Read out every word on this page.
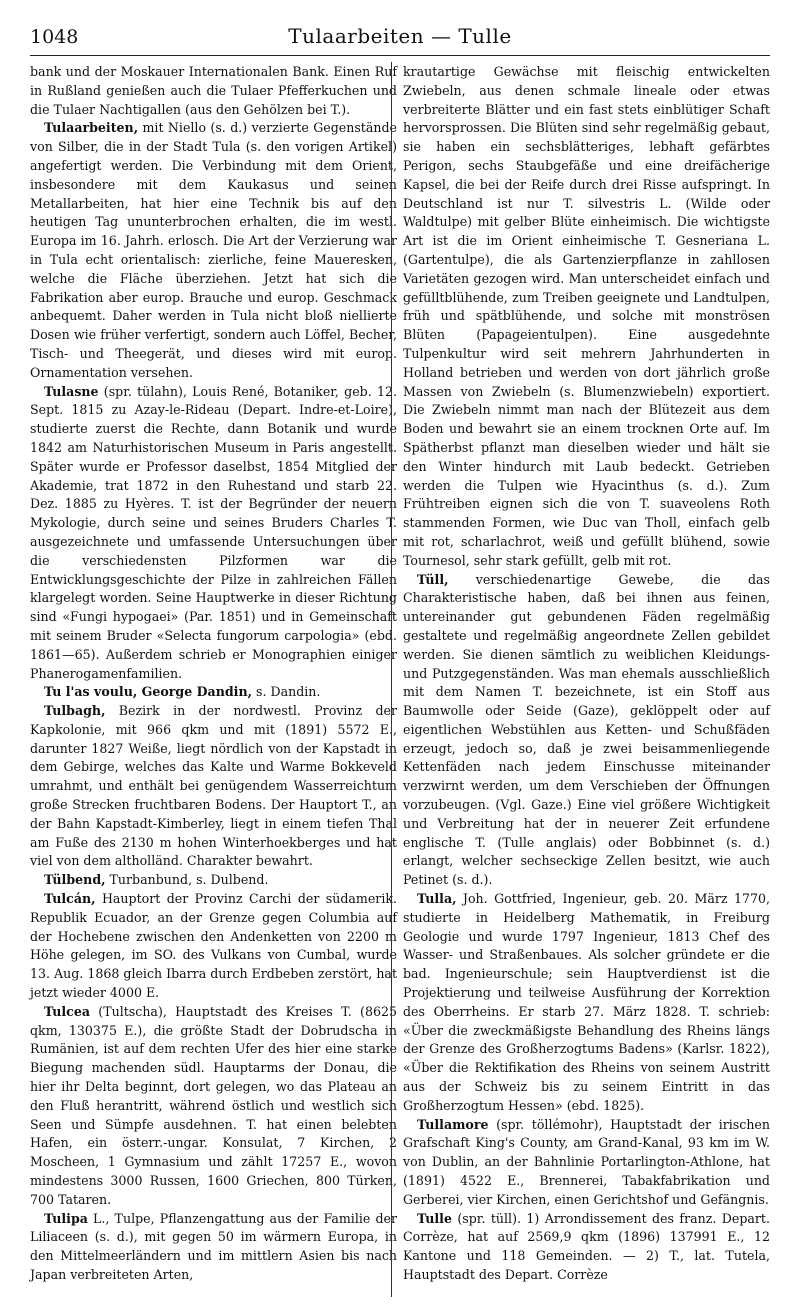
1048	Tulaarbeiten — Tulle

bank und der Moskauer Internationalen Bank. Einen Ruf in Rußland genießen auch die Tulaer Pfefferkuchen und die Tulaer Nachtigallen (aus den Gehölzen bei T.).

Tulaarbeiten, mit Niello (s. d.) verzierte Gegenstände von Silber, die in der Stadt Tula (s. den vorigen Artikel) angefertigt werden. Die Verbindung mit dem Orient, insbesondere mit dem Kaukasus und seinen Metallarbeiten, hat hier eine Technik bis auf den heutigen Tag ununterbrochen erhalten, die im westl. Europa im 16. Jahrh. erlosch. Die Art der Verzierung war in Tula echt orientalisch: zierliche, feine Maueresken, welche die Fläche überziehen. Jetzt hat sich die Fabrikation aber europ. Brauche und europ. Geschmack anbequemt. Daher werden in Tula nicht bloß niellierte Dosen wie früher verfertigt, sondern auch Löffel, Becher, Tisch- und Theegerät, und dieses wird mit europ. Ornamentation versehen.

Tulasne (spr. tülahn), Louis René, Botaniker, geb. 12. Sept. 1815 zu Azay-le-Rideau (Depart. Indre-et-Loire), studierte zuerst die Rechte, dann Botanik und wurde 1842 am Naturhistorischen Museum in Paris angestellt. Später wurde er Professor daselbst, 1854 Mitglied der Akademie, trat 1872 in den Ruhestand und starb 22. Dez. 1885 zu Hyères. T. ist der Begründer der neuern Mykologie, durch seine und seines Bruders Charles T. ausgezeichnete und umfassende Untersuchungen über die verschiedensten Pilzformen war die Entwicklungsgeschichte der Pilze in zahlreichen Fällen klargelegt worden. Seine Hauptwerke in dieser Richtung sind «Fungi hypogaei» (Par. 1851) und in Gemeinschaft mit seinem Bruder «Selecta fungorum carpologia» (ebd. 1861—65). Außerdem schrieb er Monographien einiger Phanerogamenfamilien.

Tu l'as voulu, George Dandin, s. Dandin.

Tulbagh, Bezirk in der nordwestl. Provinz der Kapkolonie, mit 966 qkm und mit (1891) 5572 E., darunter 1827 Weiße, liegt nördlich von der Kapstadt in dem Gebirge, welches das Kalte und Warme Bokkeveld umrahmt, und enthält bei genügendem Wasserreichtum große Strecken fruchtbaren Bodens. Der Hauptort T., an der Bahn Kapstadt-Kimberley, liegt in einem tiefen Thal am Fuße des 2130 m hohen Winterhoekberges und hat viel von dem altholländ. Charakter bewahrt.

Tülbend, Turbanbund, s. Dulbend.

Tulcán, Hauptort der Provinz Carchi der südamerik. Republik Ecuador, an der Grenze gegen Columbia auf der Hochebene zwischen den Andenketten von 2200 m Höhe gelegen, im SO. des Vulkans von Cumbal, wurde 13. Aug. 1868 gleich Ibarra durch Erdbeben zerstört, hat jetzt wieder 4000 E.

Tulcea (Tultscha), Hauptstadt des Kreises T. (8625 qkm, 130375 E.), die größte Stadt der Dobrudscha in Rumänien, ist auf dem rechten Ufer des hier eine starke Biegung machenden südl. Hauptarms der Donau, die hier ihr Delta beginnt, dort gelegen, wo das Plateau an den Fluß herantritt, während östlich und westlich sich Seen und Sümpfe ausdehnen. T. hat einen belebten Hafen, ein österr.-ungar. Konsulat, 7 Kirchen, 2 Moscheen, 1 Gymnasium und zählt 17257 E., wovon mindestens 3000 Russen, 1600 Griechen, 800 Türken, 700 Tataren.

Tulipa L., Tulpe, Pflanzengattung aus der Familie der Liliaceen (s. d.), mit gegen 50 im wärmern Europa, in den Mittelmeerländern und im mittlern Asien bis nach Japan verbreiteten Arten,

krautartige Gewächse mit fleischig entwickelten Zwiebeln, aus denen schmale lineale oder etwas verbreiterte Blätter und ein fast stets einblütiger Schaft hervorsprossen. Die Blüten sind sehr regelmäßig gebaut, sie haben ein sechsblätteriges, lebhaft gefärbtes Perigon, sechs Staubgefäße und eine dreifächerige Kapsel, die bei der Reife durch drei Risse aufspringt. In Deutschland ist nur T. silvestris L. (Wilde oder Waldtulpe) mit gelber Blüte einheimisch. Die wichtigste Art ist die im Orient einheimische T. Gesneriana L. (Gartentulpe), die als Gartenzierpflanze in zahllosen Varietäten gezogen wird. Man unterscheidet einfach und gefülltblühende, zum Treiben geeignete und Landtulpen, früh und spätblühende, und solche mit monströsen Blüten (Papageientulpen). Eine ausgedehnte Tulpenkultur wird seit mehrern Jahrhunderten in Holland betrieben und werden von dort jährlich große Massen von Zwiebeln (s. Blumenzwiebeln) exportiert. Die Zwiebeln nimmt man nach der Blütezeit aus dem Boden und bewahrt sie an einem trocknen Orte auf. Im Spätherbst pflanzt man dieselben wieder und hält sie den Winter hindurch mit Laub bedeckt. Getrieben werden die Tulpen wie Hyacinthus (s. d.). Zum Frühtreiben eignen sich die von T. suaveolens Roth stammenden Formen, wie Duc van Tholl, einfach gelb mit rot, scharlachrot, weiß und gefüllt blühend, sowie Tournesol, sehr stark gefüllt, gelb mit rot.

Tüll, verschiedenartige Gewebe, die das Charakteristische haben, daß bei ihnen aus feinen, untereinander gut gebundenen Fäden regelmäßig gestaltete und regelmäßig angeordnete Zellen gebildet werden. Sie dienen sämtlich zu weiblichen Kleidungs- und Putzgegenständen. Was man ehemals ausschließlich mit dem Namen T. bezeichnete, ist ein Stoff aus Baumwolle oder Seide (Gaze), geklöppelt oder auf eigentlichen Webstühlen aus Ketten- und Schußfäden erzeugt, jedoch so, daß je zwei beisammenliegende Kettenfäden nach jedem Einschusse miteinander verzwirnt werden, um dem Verschieben der Öffnungen vorzubeugen. (Vgl. Gaze.) Eine viel größere Wichtigkeit und Verbreitung hat der in neuerer Zeit erfundene englische T. (Tulle anglais) oder Bobbinnet (s. d.) erlangt, welcher sechseckige Zellen besitzt, wie auch Petinet (s. d.).

Tulla, Joh. Gottfried, Ingenieur, geb. 20. März 1770, studierte in Heidelberg Mathematik, in Freiburg Geologie und wurde 1797 Ingenieur, 1813 Chef des Wasser- und Straßenbaues. Als solcher gründete er die bad. Ingenieurschule; sein Hauptverdienst ist die Projektierung und teilweise Ausführung der Korrektion des Oberrheins. Er starb 27. März 1828. T. schrieb: «Über die zweckmäßigste Behandlung des Rheins längs der Grenze des Großherzogtums Badens» (Karlsr. 1822), «Über die Rektifikation des Rheins von seinem Austritt aus der Schweiz bis zu seinem Eintritt in das Großherzogtum Hessen» (ebd. 1825).

Tullamore (spr. töllémohr), Hauptstadt der irischen Grafschaft King's County, am Grand-Kanal, 93 km im W. von Dublin, an der Bahnlinie Portarlington-Athlone, hat (1891) 4522 E., Brennerei, Tabakfabrikation und Gerberei, vier Kirchen, einen Gerichtshof und Gefängnis.

Tulle (spr. tüll). 1) Arrondissement des franz. Depart. Corrèze, hat auf 2569,9 qkm (1896) 137991 E., 12 Kantone und 118 Gemeinden. — 2) T., lat. Tutela, Hauptstadt des Depart. Corrèze
